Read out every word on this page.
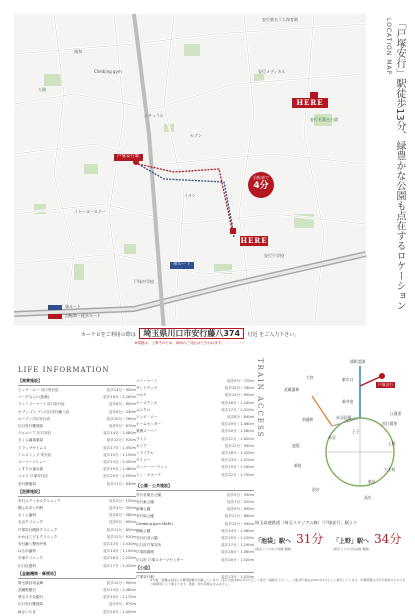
安行東おうち保育園
安行メディカル
安行若葉台公園
浦和
Climbing gym
ナチュラル
セブン
公園
安行小学校
戸塚中学校
イオン
イトーヨーカドー
戸塚安行駅
車ルート
HERE
HERE
自転車で
4分
車ルート
自転車・徒歩ルート
LOCATION MAP 「戸塚安行」駅徒歩13分、緑豊かな公園も点在するロケーション
カーナビをご利用の際は 埼玉県川口市安行藤八374 付近 をご入力下さい。
※現地は、工事中のため、車両のご対応はできかねます。・・・・・・
LIFE INFORMATION
【商業施設】
ビッグ・エー 川口安行店	徒歩13分｜950m
コープみらい(仮称)	徒歩16分｜1,260m
ファミリーマート川口安行店	徒歩8分｜600m
セブン-イレブン川口安行藤八店	徒歩6分｜430m
ローソン川口安行店	徒歩10分｜760m
川口安行郵便局	徒歩9分｜670m
ウエルシア 川口安行	徒歩14分｜1,080m
さくら調剤薬局	徒歩12分｜920m
ドラッグセイムス	徒歩17分｜1,350m
ミニストップ 安行店	徒歩15分｜1,150m
スーパーバリュー	徒歩13分｜1,000m
くすりの福太郎	徒歩19分｜1,480m
コメリ 戸塚安行店	徒歩20分｜1,550m
安行郵便局	徒歩11分｜830m
【医療施設】
安行メディカルクリニック	徒歩2分｜150m
柳ふれあい内科	徒歩4分｜300m
さくら歯科	徒歩8分｜580m
丸山クリニック	徒歩9分｜690m
戸塚安行眼科クリニック	徒歩11分｜850m
わかばこどもクリニック	徒歩12分｜920m
安行藤八整形外科	徒歩13分｜1,030m
はるか歯科	徒歩14分｜1,100m
平塚クリニック	徒歩16分｜1,220m
川口皮膚科	徒歩17分｜1,320m
【金融機関・郵便局】
埼玉県信用金庫	徒歩12分｜900m
武蔵野銀行	徒歩14分｜1,080m
埼玉りそな銀行	徒歩15分｜1,170m
川口安行郵便局	徒歩9分｜670m
JAさいたま	徒歩18分｜1,400m
マミーマート	徒歩9分｜720m
サンドラッグ	徒歩10分｜780m
ベルク	徒歩13分｜990m
ケーズデンキ	徒歩16分｜1,240m
ユニクロ	徒歩17分｜1,310m
ビッグ・エー	徒歩8分｜640m
ホームセンター	徒歩19分｜1,460m
業務スーパー	徒歩20分｜1,580m
ライフ	徒歩21分｜1,620m
セリア	徒歩12分｜940m
トライアル	徒歩18分｜1,420m
ダイソー	徒歩13分｜1,010m
スーパーマーケット	徒歩15分｜1,160m
ドン・キホーテ	徒歩22分｜1,700m
【公園・公共施設】
安行若葉台公園	徒歩5分｜350m
安行東公園	徒歩7分｜520m
新郷公園	徒歩9分｜690m
安行原公園	徒歩11分｜860m
Climbing gym MARU	徒歩12分｜940m
柳崎公園	徒歩14分｜1,060m
安行出羽公園	徒歩15分｜1,150m
川口市戸塚支所	徒歩17分｜1,290m
戸塚図書館	徒歩18分｜1,360m
川口市 戸塚スポーツセンター	徒歩20分｜1,520m
【公益】
戸塚安行駅	徒歩13分｜1,020m
TRAIN ACCESS	浦和美園
東川口
戸塚安行
新井宿
赤羽岩淵
武蔵浦和
南浦和
赤羽
池袋	上野
新宿
東京
大手町
品川
渋谷
西日暮里
王子
日暮里
大宮
埼玉高速鉄道（埼玉スタジアム線）「戸塚安行」駅より
「池袋」駅へ 31分
(東京メトロ丸ノ内線 乗換)
「上野」駅へ 34分
(東京メトロ日比谷線 乗換)
※分数・距離は地図上の概測距離を記載しています。徒歩分数は80mを1分として算出（端数切上げ）し、自転車分数は250mを1分として算出しています。所要時間は日中平常時のものであり時間帯により異なります。乗換・待ち時間は含みません。
